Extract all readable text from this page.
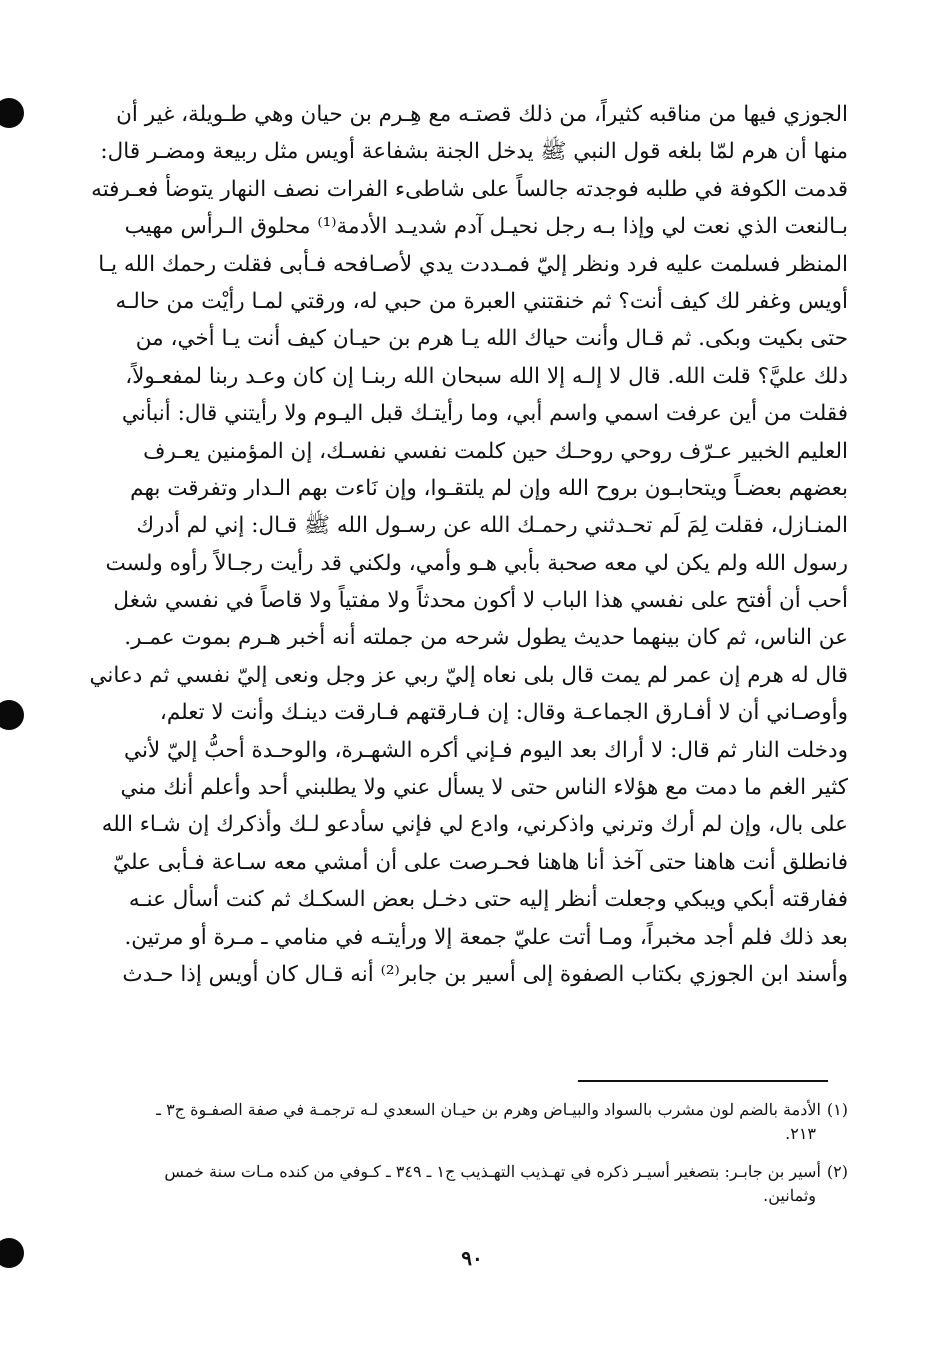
الجوزي فيها من مناقبه كثيراً، من ذلك قصتـه مع هِـرم بن حيان وهي طـويلة، غير أن
منها أن هرم لمّا بلغه قول النبي ﷺ يدخل الجنة بشفاعة أويس مثل ربيعة ومضـر قال:
قدمت الكوفة في طلبه فوجدته جالساً على شاطىء الفرات نصف النهار يتوضأ فعـرفته
بـالنعت الذي نعت لي وإذا بـه رجل نحيـل آدم شديـد الأدمة⁽¹⁾ محلوق الـرأس مهيب
المنظر فسلمت عليه فرد ونظر إليّ فمـددت يدي لأصـافحه فـأبى فقلت رحمك الله يـا
أويس وغفر لك كيف أنت؟ ثم خنقتني العبرة من حبي له، ورقتي لمـا رأيْت من حالـه
حتى بكيت وبكى. ثم قـال وأنت حياك الله يـا هرم بن حيـان كيف أنت يـا أخي، من
دلك عليَّ؟ قلت الله. قال لا إلـه إلا الله سبحان الله ربنـا إن كان وعـد ربنا لمفعـولاً،
فقلت من أين عرفت اسمي واسم أبي، وما رأيتـك قبل اليـوم ولا رأيتني قال: أنبأني
العليم الخبير عـرّف روحي روحـك حين كلمت نفسي نفسـك، إن المؤمنين يعـرف
بعضهم بعضـاً ويتحابـون بروح الله وإن لم يلتقـوا، وإن نَاءت بهم الـدار وتفرقت بهم
المنـازل، فقلت لِمَ لَم تحـدثني رحمـك الله عن رسـول الله ﷺ قـال: إني لم أدرك
رسول الله ولم يكن لي معه صحبة بأبي هـو وأمي، ولكني قد رأيت رجـالاً رأوه ولست
أحب أن أفتح على نفسي هذا الباب لا أكون محدثاً ولا مفتياً ولا قاصاً في نفسي شغل
عن الناس، ثم كان بينهما حديث يطول شرحه من جملته أنه أخبر هـرم بموت عمـر.
قال له هرم إن عمر لم يمت قال بلى نعاه إليّ ربي عز وجل ونعى إليّ نفسي ثم دعاني
وأوصـاني أن لا أفـارق الجماعـة وقال: إن فـارقتهم فـارقت دينـك وأنت لا تعلم،
ودخلت النار ثم قال: لا أراك بعد اليوم فـإني أكره الشهـرة، والوحـدة أحبُّ إليّ لأني
كثير الغم ما دمت مع هؤلاء الناس حتى لا يسأل عني ولا يطلبني أحد وأعلم أنك مني
على بال، وإن لم أرك وترني واذكرني، وادع لي فإني سأدعو لـك وأذكرك إن شـاء الله
فانطلق أنت هاهنا حتى آخذ أنا هاهنا فحـرصت على أن أمشي معه سـاعة فـأبى عليّ
ففارقته أبكي ويبكي وجعلت أنظر إليه حتى دخـل بعض السكـك ثم كنت أسأل عنـه
بعد ذلك فلم أجد مخبراً، ومـا أتت عليّ جمعة إلا ورأيتـه في منامي ـ مـرة أو مرتين.
وأسند ابن الجوزي بكتاب الصفوة إلى أسير بن جابر⁽²⁾ أنه قـال كان أويس إذا حـدث
(١)الأدمة بالضم لون مشرب بالسواد والبيـاض وهرم بن حيـان السعدي لـه ترجمـة في صفة الصفـوة ج٣ ـ
٢١٣.
(٢)أسير بن جابـر: بتصغير أسيـر ذكره في تهـذيب التهـذيب ج١ ـ ٣٤٩ ـ كـوفي من كنده مـات سنة خمس
وثمانين.
٩٠
